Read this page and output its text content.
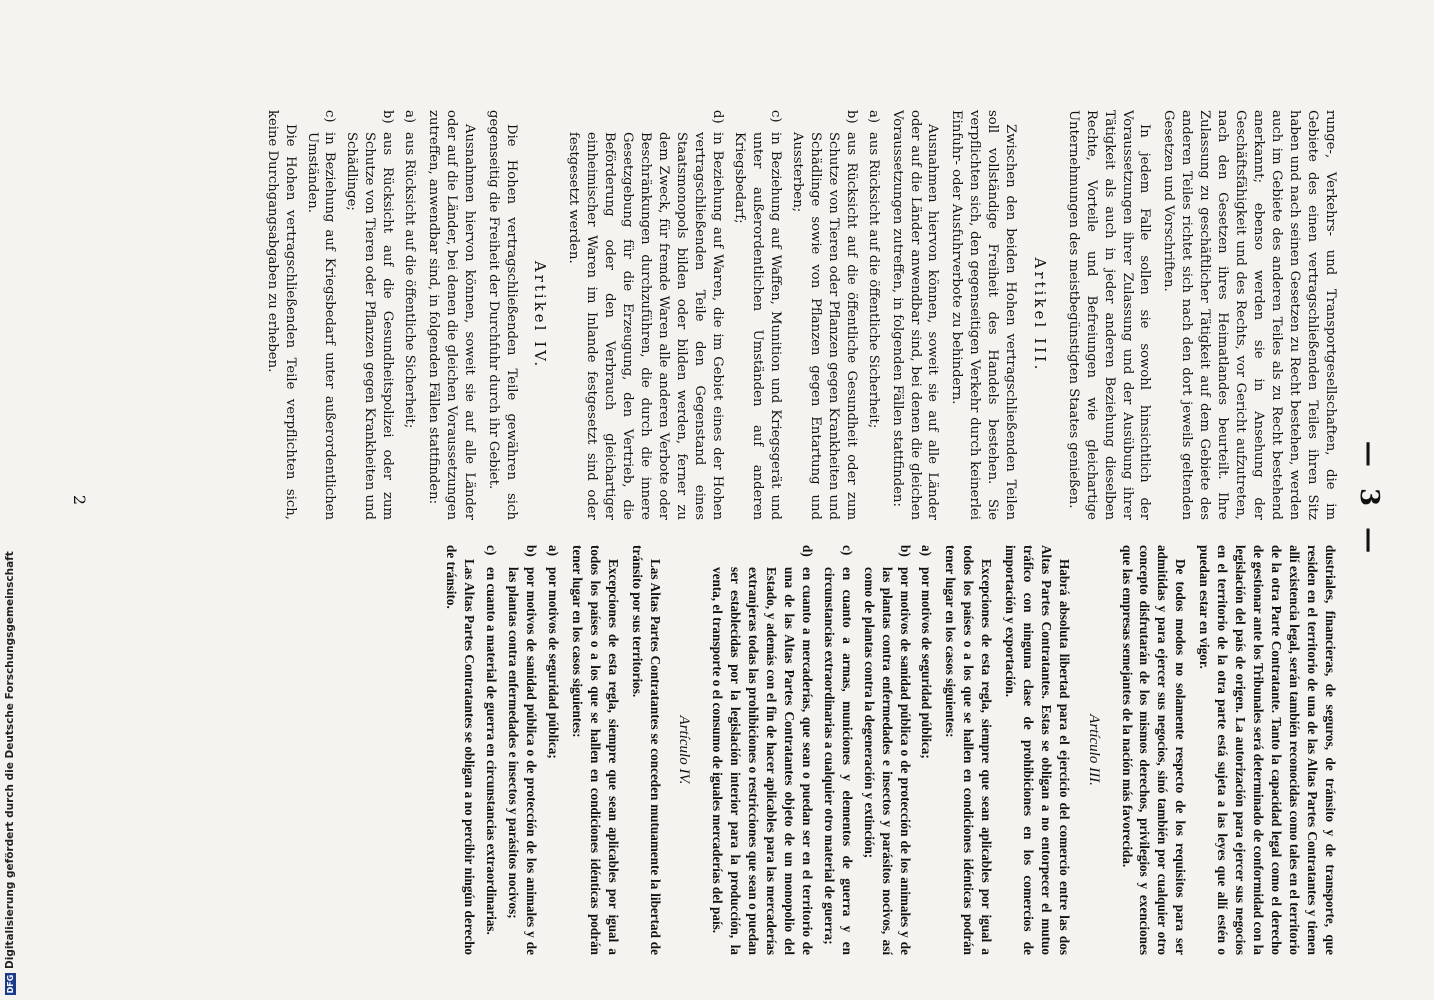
— 3 —

runge-, Verkehrs- und Transportgesellschaften, die im Gebiete des einen vertragschließenden Teiles ihren Sitz haben und nach seinen Gesetzen zu Recht bestehen, werden auch im Gebiete des anderen Teiles als zu Recht bestehend anerkannt; ebenso werden sie in Ansehung der Geschäftsfähigkeit und des Rechts, vor Gericht aufzutreten, nach den Gesetzen ihres Heimatlandes beurteilt. Ihre Zulassung zu geschäftlicher Tätigkeit auf dem Gebiete des anderen Teiles richtet sich nach den dort jeweils geltenden Gesetzen und Vorschriften.

In jedem Falle sollen sie sowohl hinsichtlich der Voraussetzungen ihrer Zulassung und der Ausübung ihrer Tätigkeit als auch in jeder anderen Beziehung dieselben Rechte, Vorteile und Befreiungen wie gleichartige Unternehmungen des meistbegünstigten Staates genießen.

Artikel III.

Zwischen den beiden Hohen vertragschließenden Teilen soll vollständige Freiheit des Handels bestehen. Sie verpflichten sich, den gegenseitigen Verkehr durch keinerlei Einfuhr- oder Ausfuhrverbote zu behindern.

Ausnahmen hiervon können, soweit sie auf alle Länder oder auf die Länder anwendbar sind, bei denen die gleichen Voraussetzungen zutreffen, in folgenden Fällen stattfinden:

a)aus Rücksicht auf die öffentliche Sicherheit;
b)aus Rücksicht auf die öffentliche Gesundheit oder zum Schutze von Tieren oder Pflanzen gegen Krankheiten und Schädlinge sowie von Pflanzen gegen Entartung und Aussterben;
c)in Beziehung auf Waffen, Munition und Kriegsgerät und unter außerordentlichen Umständen auf anderen Kriegsbedarf;
d)in Beziehung auf Waren, die im Gebiet eines der Hohen vertragschließenden Teile den Gegenstand eines Staatsmonopols bilden oder bilden werden, ferner zu dem Zweck, für fremde Waren alle anderen Verbote oder Beschränkungen durchzuführen, die durch die innere Gesetzgebung für die Erzeugung, den Vertrieb, die Beförderung oder den Verbrauch gleichartiger einheimischer Waren im Inlande festgesetzt sind oder festgesetzt werden.
Artikel IV.

Die Hohen vertragschließenden Teile gewähren sich gegenseitig die Freiheit der Durchfuhr durch ihr Gebiet.

Ausnahmen hiervon können, soweit sie auf alle Länder oder auf die Länder, bei denen die gleichen Voraussetzungen zutreffen, anwendbar sind, in folgenden Fällen stattfinden:

a)aus Rücksicht auf die öffentliche Sicherheit;
b)aus Rücksicht auf die Gesundheitspolizei oder zum Schutze von Tieren oder Pflanzen gegen Krankheiten und Schädlinge;
c)in Beziehung auf Kriegsbedarf unter außerordentlichen Umständen.

Die Hohen vertragschließenden Teile verpflichten sich, keine Durchgangsabgaben zu erheben.

dustriales, financieras, de seguros, de tránsito y de transporte, que residen en el territorio de una de las Altas Partes Contratantes y tienen allí existencia legal, serán también reconocidas como tales en el territorio de la otra Parte Contratante. Tanto la capacidad legal como el derecho de gestionar ante los Tribunales será determinado de conformidad con la legislación del país de origen. La autorización para ejercer sus negocios en el territorio de la otra parte está sujeta a las leyes que allí estén o puedan estar en vigor.

De todos modos no solamente respecto de los requisitos para ser admitidas y para ejercer sus negocios, sinó también por cualquier otro concepto disfrutarán de los mismos derechos, privilegios y exenciones que las empresas semejantes de la nación más favorecida.

Artículo III.

Habrá absoluta libertad para el ejercicio del comercio entre las dos Altas Partes Contratantes. Estas se obligan a no entorpecer el mutuo tráfico con ninguna clase de prohibiciones en los comercios de importación y exportación.

Excepciones de esta regla, siempre que sean aplicables por igual a todos los países o a los que se hallen en condiciones idénticas podrán tener lugar en los casos siguientes:

a)por motivos de seguridad pública;
b)por motivos de sanidad pública o de protección de los animales y de las plantas contra enfermedades e insectos y parásitos nocivos, así como de plantas contra la degeneración y extinción;
c)en cuanto a armas, municiones y elementos de guerra y en circunstancias extraordinarias a cualquier otro material de guerra;
d)en cuanto a mercaderías, que sean o puedan ser en el territorio de una de las Altas Partes Contratantes objeto de un monopolio del Estado, y además con el fin de hacer aplicables para las mercaderías extranjeras todas las prohibiciones o restricciones que sean o puedan ser establecidas por la legislación interior para la producción, la venta, el transporte o el consumo de iguales mercaderías del país.
Artículo IV.

Las Altas Partes Contratantes se conceden mutuamente la libertad de tránsito por sus territorios.

Excepciones de esta regla, siempre que sean aplicables por igual a todos los países o a los que se hallen en condiciones idénticas podrán tener lugar en los casos siguientes:

a)por motivos de seguridad pública;
b)por motivos de sanidad pública o de protección de los animales y de las plantas contra enfermedades e insectos y parásitos nocivos;
c)en cuanto a material de guerra en circunstancias extraordinarias.

Las Altas Partes Contratantes se obligan a no percibir ningún derecho de tránsito.

2
DFGDigitalisierung gefördert durch die Deutsche Forschungsgemeinschaft
